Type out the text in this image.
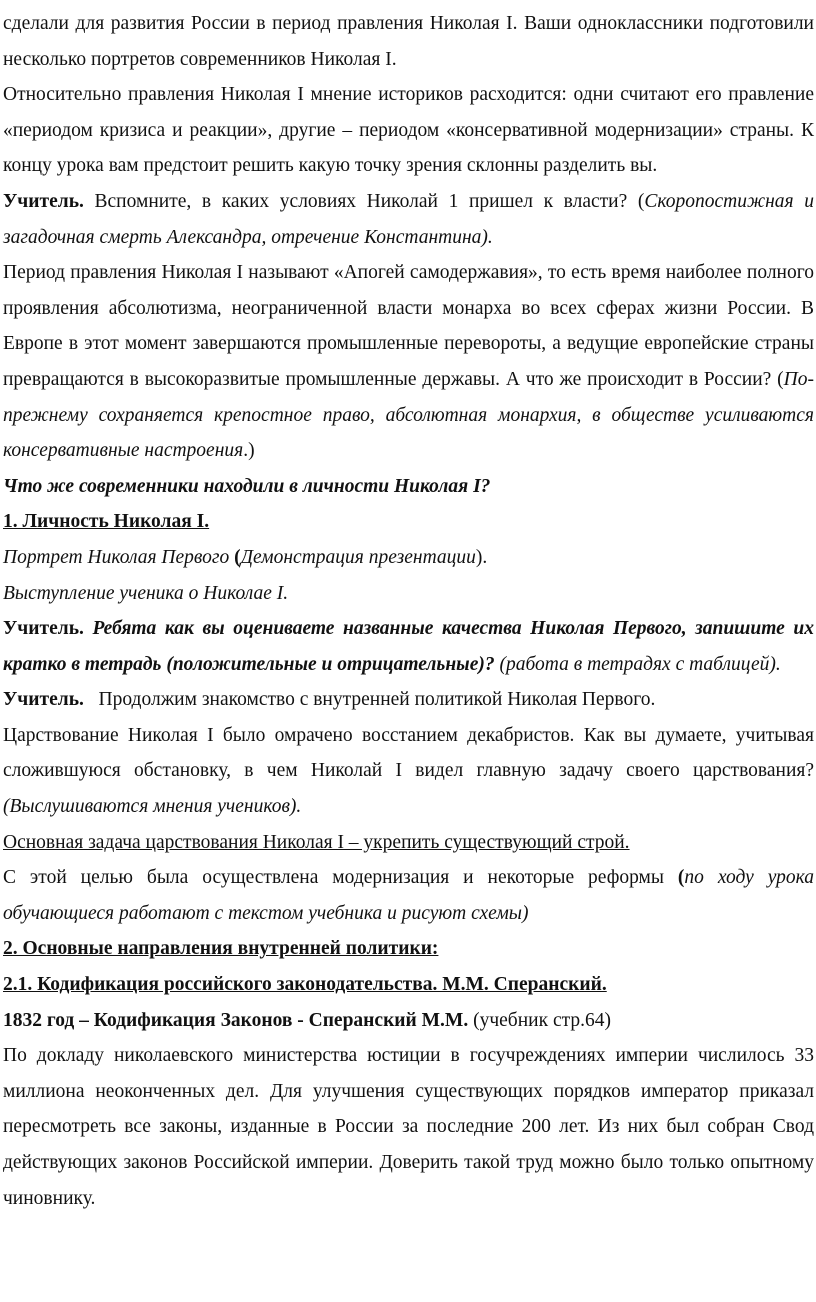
сделали для развития России в период правления Николая I. Ваши одноклассники подготовили несколько портретов современников Николая I.

Относительно правления Николая I мнение историков расходится: одни считают его правление «периодом кризиса и реакции», другие – периодом «консервативной модернизации» страны. К концу урока вам предстоит решить какую точку зрения склонны разделить вы.

Учитель. Вспомните, в каких условиях Николай 1 пришел к власти? (Скоропостижная и загадочная смерть Александра, отречение Константина).

Период правления Николая I называют «Апогей самодержавия», то есть время наиболее полного проявления абсолютизма, неограниченной власти монарха во всех сферах жизни России. В Европе в этот момент завершаются промышленные перевороты, а ведущие европейские страны превращаются в высокоразвитые промышленные державы. А что же происходит в России? (По-прежнему сохраняется крепостное право, абсолютная монархия, в обществе усиливаются консервативные настроения.)

Что же современники находили в личности Николая I?

1. Личность Николая I.

Портрет Николая Первого (Демонстрация презентации).

Выступление ученика о Николае I.

Учитель. Ребята как вы оцениваете названные качества Николая Первого, запишите их кратко в тетрадь (положительные и отрицательные)? (работа в тетрадях с таблицей).

Учитель.   Продолжим знакомство с внутренней политикой Николая Первого.

Царствование Николая I было омрачено восстанием декабристов. Как вы думаете, учитывая сложившуюся обстановку, в чем Николай I видел главную задачу своего царствования? (Выслушиваются мнения учеников).

Основная задача царствования Николая I – укрепить существующий строй.

С этой целью была осуществлена модернизация и некоторые реформы (по ходу урока обучающиеся работают с текстом учебника и рисуют схемы)

2. Основные направления внутренней политики:

2.1. Кодификация российского законодательства. М.М. Сперанский.

1832 год – Кодификация Законов - Сперанский М.М. (учебник стр.64)

По докладу николаевского министерства юстиции в госучреждениях империи числилось 33 миллиона неоконченных дел. Для улучшения существующих порядков император приказал пересмотреть все законы, изданные в России за последние 200 лет. Из них был собран Свод действующих законов Российской империи. Доверить такой труд можно было только опытному чиновнику.
